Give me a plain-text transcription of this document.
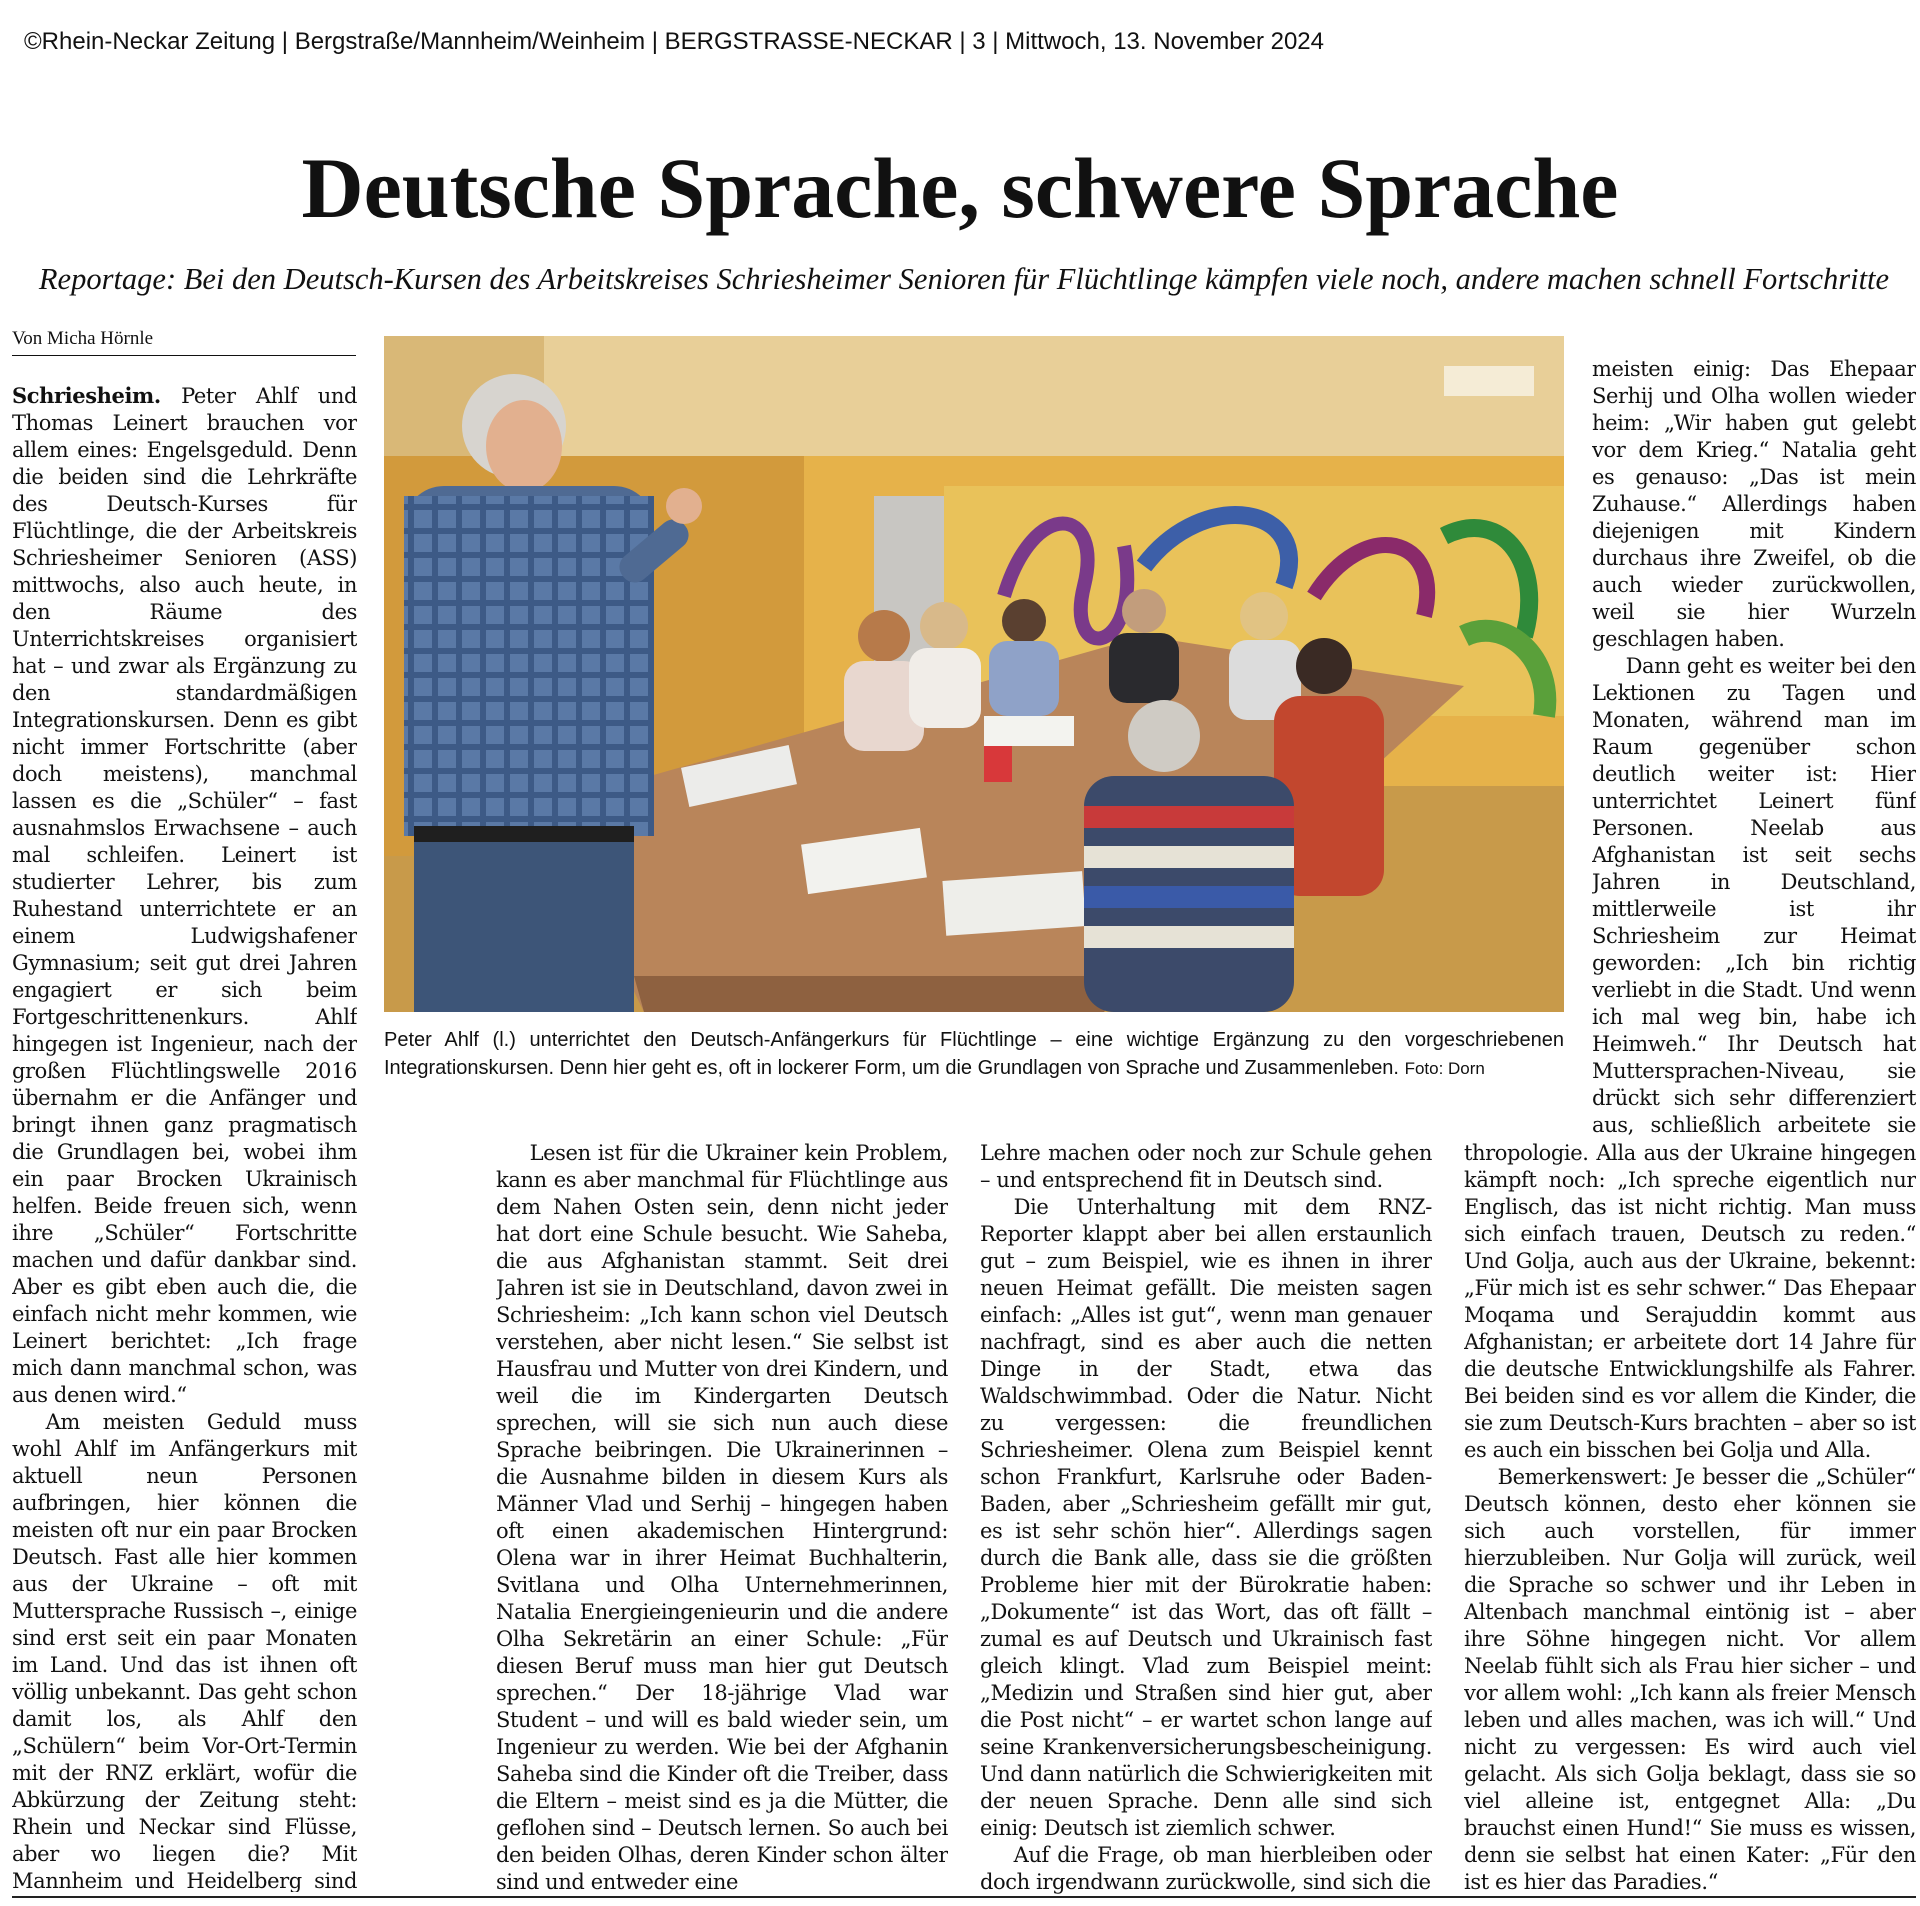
©Rhein-Neckar Zeitung | Bergstraße/Mannheim/Weinheim | BERGSTRASSE-NECKAR | 3 | Mittwoch, 13. November 2024
Deutsche Sprache, schwere Sprache
Reportage: Bei den Deutsch-Kursen des Arbeitskreises Schriesheimer Senioren für Flüchtlinge kämpfen viele noch, andere machen schnell Fortschritte
Von Micha Hörnle

Schriesheim. Peter Ahlf und Thomas Leinert brauchen vor allem eines: Engelsgeduld. Denn die beiden sind die Lehrkräfte des Deutsch-Kurses für Flüchtlinge, die der Arbeitskreis Schriesheimer Senioren (ASS) mittwochs, also auch heute, in den Räume des Unterrichtskreises organisiert hat – und zwar als Ergänzung zu den standardmäßigen Integrationskursen. Denn es gibt nicht immer Fortschritte (aber doch meistens), manchmal lassen es die „Schüler“ – fast ausnahmslos Erwachsene – auch mal schleifen. Leinert ist studierter Lehrer, bis zum Ruhestand unterrichtete er an einem Ludwigshafener Gymnasium; seit gut drei Jahren engagiert er sich beim Fortgeschrittenenkurs. Ahlf hingegen ist Ingenieur, nach der großen Flüchtlingswelle 2016 übernahm er die Anfänger und bringt ihnen ganz pragmatisch die Grundlagen bei, wobei ihm ein paar Brocken Ukrainisch helfen. Beide freuen sich, wenn ihre „Schüler“ Fortschritte machen und dafür dankbar sind. Aber es gibt eben auch die, die einfach nicht mehr kommen, wie Leinert berichtet: „Ich frage mich dann manchmal schon, was aus denen wird.“

Am meisten Geduld muss wohl Ahlf im Anfängerkurs mit aktuell neun Personen aufbringen, hier können die meisten oft nur ein paar Brocken Deutsch. Fast alle hier kommen aus der Ukraine – oft mit Muttersprache Russisch –, einige sind erst seit ein paar Monaten im Land. Und das ist ihnen oft völlig unbekannt. Das geht schon damit los, als Ahlf den „Schülern“ beim Vor-Ort-Termin mit der RNZ erklärt, wofür die Abkürzung der Zeitung steht: Rhein und Neckar sind Flüsse, aber wo liegen die? Mit Mannheim und Heidelberg sind

Peter Ahlf (l.) unterrichtet den Deutsch-Anfängerkurs für Flüchtlinge – eine wichtige Ergänzung zu den vorgeschriebenen Integrationskursen. Denn hier geht es, oft in lockerer Form, um die Grundlagen von Sprache und Zusammenleben. Foto: Dorn

meisten einig: Das Ehepaar Serhij und Olha wollen wieder heim: „Wir haben gut gelebt vor dem Krieg.“ Natalia geht es genauso: „Das ist mein Zuhause.“ Allerdings haben diejenigen mit Kindern durchaus ihre Zweifel, ob die auch wieder zurückwollen, weil sie hier Wurzeln geschlagen haben.

Dann geht es weiter bei den Lektionen zu Tagen und Monaten, während man im Raum gegenüber schon deutlich weiter ist: Hier unterrichtet Leinert fünf Personen. Neelab aus Afghanistan ist seit sechs Jahren in Deutschland, mittlerweile ist ihr Schriesheim zur Heimat geworden: „Ich bin richtig verliebt in die Stadt. Und wenn ich mal weg bin, habe ich Heimweh.“ Ihr Deutsch hat Muttersprachen-Niveau, sie drückt sich sehr differenziert aus, schließlich arbeitete sie

Lesen ist für die Ukrainer kein Problem, kann es aber manchmal für Flüchtlinge aus dem Nahen Osten sein, denn nicht jeder hat dort eine Schule besucht. Wie Saheba, die aus Afghanistan stammt. Seit drei Jahren ist sie in Deutschland, davon zwei in Schriesheim: „Ich kann schon viel Deutsch verstehen, aber nicht lesen.“ Sie selbst ist Hausfrau und Mutter von drei Kindern, und weil die im Kindergarten Deutsch sprechen, will sie sich nun auch diese Sprache beibringen. Die Ukrainerinnen – die Ausnahme bilden in diesem Kurs als Männer Vlad und Serhij – hingegen haben oft einen akademischen Hintergrund: Olena war in ihrer Heimat Buchhalterin, Svitlana und Olha Unternehmerinnen, Natalia Energieingenieurin und die andere Olha Sekretärin an einer Schule: „Für diesen Beruf muss man hier gut Deutsch sprechen.“ Der 18-jährige Vlad war Student – und will es bald wieder sein, um Ingenieur zu werden. Wie bei der Afghanin Saheba sind die Kinder oft die Treiber, dass die Eltern – meist sind es ja die Mütter, die geflohen sind – Deutsch lernen. So auch bei den beiden Olhas, deren Kinder schon älter sind und entweder eine

Lehre machen oder noch zur Schule gehen – und entsprechend fit in Deutsch sind.

Die Unterhaltung mit dem RNZ-Reporter klappt aber bei allen erstaunlich gut – zum Beispiel, wie es ihnen in ihrer neuen Heimat gefällt. Die meisten sagen einfach: „Alles ist gut“, wenn man genauer nachfragt, sind es aber auch die netten Dinge in der Stadt, etwa das Waldschwimmbad. Oder die Natur. Nicht zu vergessen: die freundlichen Schriesheimer. Olena zum Beispiel kennt schon Frankfurt, Karlsruhe oder Baden-Baden, aber „Schriesheim gefällt mir gut, es ist sehr schön hier“. Allerdings sagen durch die Bank alle, dass sie die größten Probleme hier mit der Bürokratie haben: „Dokumente“ ist das Wort, das oft fällt – zumal es auf Deutsch und Ukrainisch fast gleich klingt. Vlad zum Beispiel meint: „Medizin und Straßen sind hier gut, aber die Post nicht“ – er wartet schon lange auf seine Krankenversicherungsbescheinigung. Und dann natürlich die Schwierigkeiten mit der neuen Sprache. Denn alle sind sich einig: Deutsch ist ziemlich schwer.

Auf die Frage, ob man hierbleiben oder doch irgendwann zurückwolle, sind sich die

thropologie. Alla aus der Ukraine hingegen kämpft noch: „Ich spreche eigentlich nur Englisch, das ist nicht richtig. Man muss sich einfach trauen, Deutsch zu reden.“ Und Golja, auch aus der Ukraine, bekennt: „Für mich ist es sehr schwer.“ Das Ehepaar Moqama und Serajuddin kommt aus Afghanistan; er arbeitete dort 14 Jahre für die deutsche Entwicklungshilfe als Fahrer. Bei beiden sind es vor allem die Kinder, die sie zum Deutsch-Kurs brachten – aber so ist es auch ein bisschen bei Golja und Alla.

Bemerkenswert: Je besser die „Schüler“ Deutsch können, desto eher können sie sich auch vorstellen, für immer hierzubleiben. Nur Golja will zurück, weil die Sprache so schwer und ihr Leben in Altenbach manchmal eintönig ist – aber ihre Söhne hingegen nicht. Vor allem Neelab fühlt sich als Frau hier sicher – und vor allem wohl: „Ich kann als freier Mensch leben und alles machen, was ich will.“ Und nicht zu vergessen: Es wird auch viel gelacht. Als sich Golja beklagt, dass sie so viel alleine ist, entgegnet Alla: „Du brauchst einen Hund!“ Sie muss es wissen, denn sie selbst hat einen Kater: „Für den ist es hier das Paradies.“
